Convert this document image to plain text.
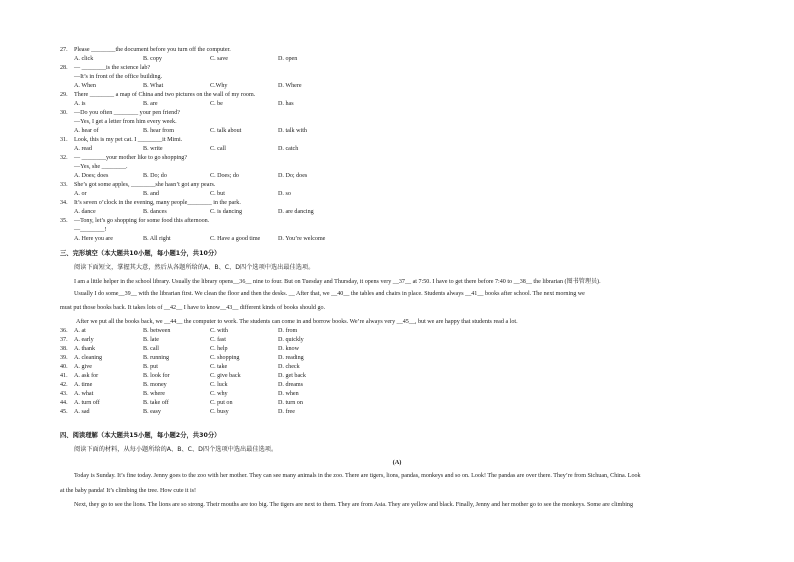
27. Please ________the document before you turn off the computer.
A. click	B. copy	C. save	D. open
28. — ________is the science lab?
—It’s in front of the office building.
A. When	B. What	C.Why	D. Where
29. There ________ a map of China and two pictures on the wall of my room.
A. is	B. are	C. be	D. has
30. —Do you often ________ your pen friend?
—Yes, I get a letter from him every week.
A. hear of	B. hear from	C. talk about	D. talk with
31. Look, this is my pet cat. I ________it Mimi.
A. read	B. write	C. call	D. catch
32. — ________your mother like to go shopping?
—Yes, she ________.
A. Does; does	B. Do; do	C. Does; do	D. Do; does
33. She’s got some apples, ________she hasn’t got any pears.
A. or	B. and	C. but	D. so
34. It’s seven o’clock in the evening, many people________ in the park.
A. dance	B. dances	C. is dancing	D. are dancing
35. —Tony, let’s go shopping for some food this afternoon.
—________!
A. Here you are	B. All right	C. Have a good time	D. You’re welcome
三、完形填空（本大题共10小题，每小题1分，共10分）
阅读下面短文，掌握其大意，然后从各题所给的A、B、C、D四个选项中选出最佳选项。
I am a little helper in the school library. Usually the library opens__36__ nine to four. But on Tuesday and Thursday, it opens very __37__ at 7:50. I have to get there before 7:40 to __38__ the librarian (图书管理员).
Usually I do some__39__ with the librarian first. We clean the floor and then the desks. __ After that, we __40__ the tables and chairs in place. Students always __41__ books after school. The next morning we
must put those books back. It takes lots of __42__ I have to know__43__ different kinds of books should go.
After we put all the books back, we __44__ the computer to work. The students can come in and borrow books. We’re always very __45__, but we are happy that students read a lot.
36.	A. at	B. between	C. with	D. from
37.	A. early	B. late	C. fast	D. quickly
38.	A. thank	B. call	C. help	D. know
39.	A. cleaning	B. running	C. shopping	D. reading
40.	A. give	B. put	C. take	D. check
41.	A. ask for	B. look for	C. give back	D. get back
42.	A. time	B. money	C. luck	D. dreams
43.	A. what	B. where	C. why	D. when
44.	A. turn off	B. take off	C. put on	D. turn on
45.	A. sad	B. easy	C. busy	D. free
四、阅读理解（本大题共15小题，每小题2分，共30分）
阅读下面的材料，从每小题所给的A、B、C、D四个选项中选出最佳选项。
(A)
Today is Sunday. It’s fine today. Jenny goes to the zoo with her mother. They can see many animals in the zoo. There are tigers, lions, pandas, monkeys and so on. Look! The pandas are over there. They’re from Sichuan, China. Look
at the baby panda! It’s climbing the tree. How cute it is!
Next, they go to see the lions. The lions are so strong. Their mouths are too big. The tigers are next to them. They are from Asia. They are yellow and black. Finally, Jenny and her mother go to see the monkeys. Some are climbing
